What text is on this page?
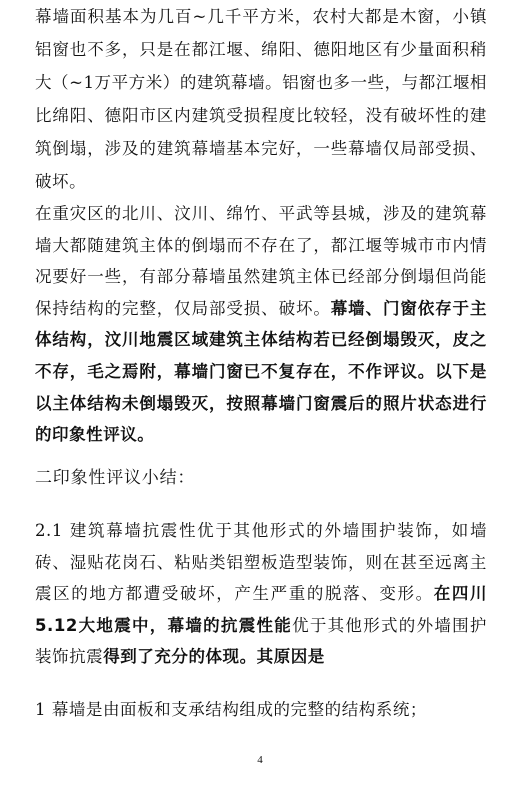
幕墙面积基本为几百~几千平方米，农村大都是木窗，小镇铝窗也不多，只是在都江堰、绵阳、德阳地区有少量面积稍大（~1万平方米）的建筑幕墙。铝窗也多一些，与都江堰相比绵阳、德阳市区内建筑受损程度比较轻，没有破坏性的建筑倒塌，涉及的建筑幕墙基本完好，一些幕墙仅局部受损、破坏。

在重灾区的北川、汶川、绵竹、平武等县城，涉及的建筑幕墙大都随建筑主体的倒塌而不存在了，都江堰等城市市内情况要好一些，有部分幕墙虽然建筑主体已经部分倒塌但尚能保持结构的完整，仅局部受损、破坏。幕墙、门窗依存于主体结构，汶川地震区域建筑主体结构若已经倒塌毁灭，皮之不存，毛之焉附，幕墙门窗已不复存在，不作评议。以下是以主体结构未倒塌毁灭，按照幕墙门窗震后的照片状态进行的印象性评议。

二印象性评议小结：

2.1 建筑幕墙抗震性优于其他形式的外墙围护装饰，如墙砖、湿贴花岗石、粘贴类铝塑板造型装饰，则在甚至远离主震区的地方都遭受破坏，产生严重的脱落、变形。在四川 5.12大地震中，幕墙的抗震性能优于其他形式的外墙围护装饰抗震得到了充分的体现。其原因是

1 幕墙是由面板和支承结构组成的完整的结构系统；

4
